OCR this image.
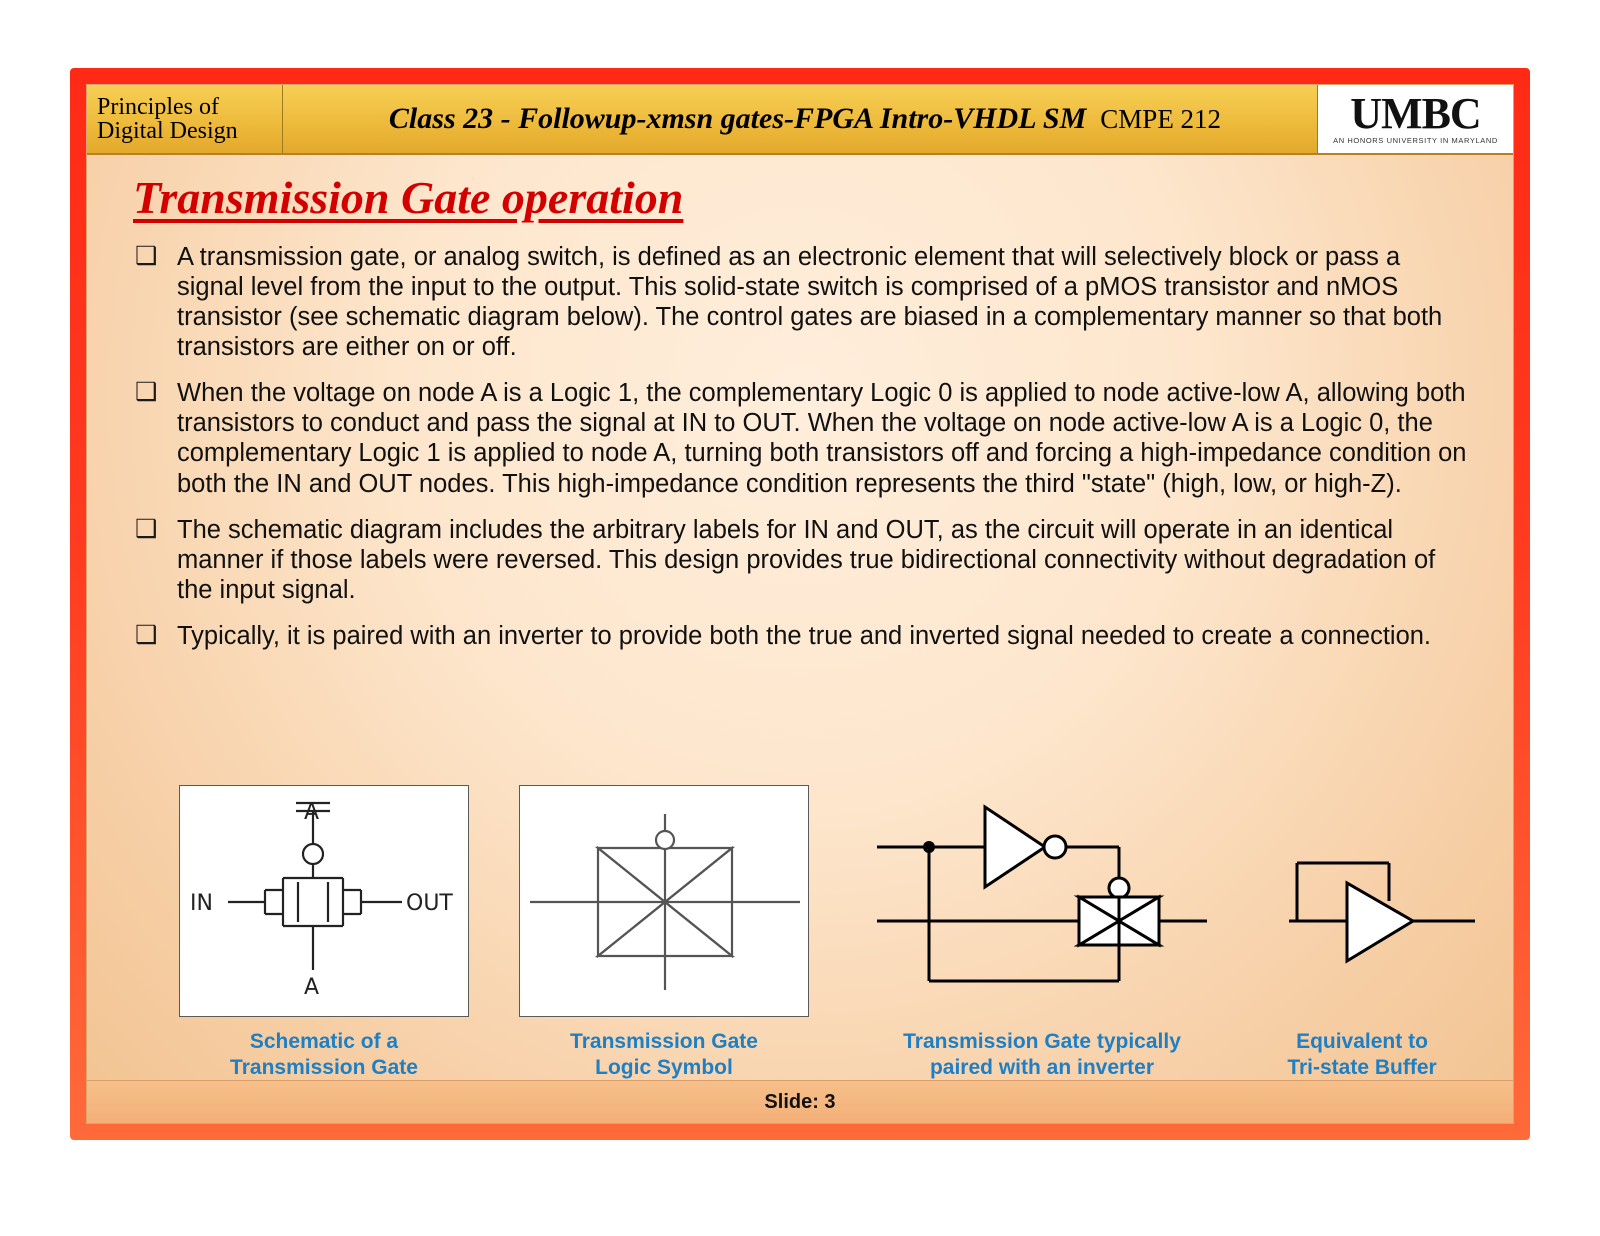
Principles of
Digital Design	Class 23 - Followup-xmsn gates-FPGA Intro-VHDL SM CMPE 212	UMBC
AN HONORS UNIVERSITY IN MARYLAND
Transmission Gate operation
❑ A transmission gate, or analog switch, is defined as an electronic element that will selectively block or pass a signal level from the input to the output. This solid-state switch is comprised of a pMOS transistor and nMOS transistor (see schematic diagram below). The control gates are biased in a complementary manner so that both transistors are either on or off.
❑ When the voltage on node A is a Logic 1, the complementary Logic 0 is applied to node active-low A, allowing both transistors to conduct and pass the signal at IN to OUT. When the voltage on node active-low A is a Logic 0, the complementary Logic 1 is applied to node A, turning both transistors off and forcing a high-impedance condition on both the IN and OUT nodes. This high-impedance condition represents the third "state" (high, low, or high-Z).
❑ The schematic diagram includes the arbitrary labels for IN and OUT, as the circuit will operate in an identical manner if those labels were reversed. This design provides true bidirectional connectivity without degradation of the input signal.
❑ Typically, it is paired with an inverter to provide both the true and inverted signal needed to create a connection.
A
A
IN	OUT
Schematic of a
Transmission Gate
Transmission Gate
Logic Symbol
Transmission Gate typically
paired with an inverter
Equivalent to
Tri-state Buffer
Slide: 3
